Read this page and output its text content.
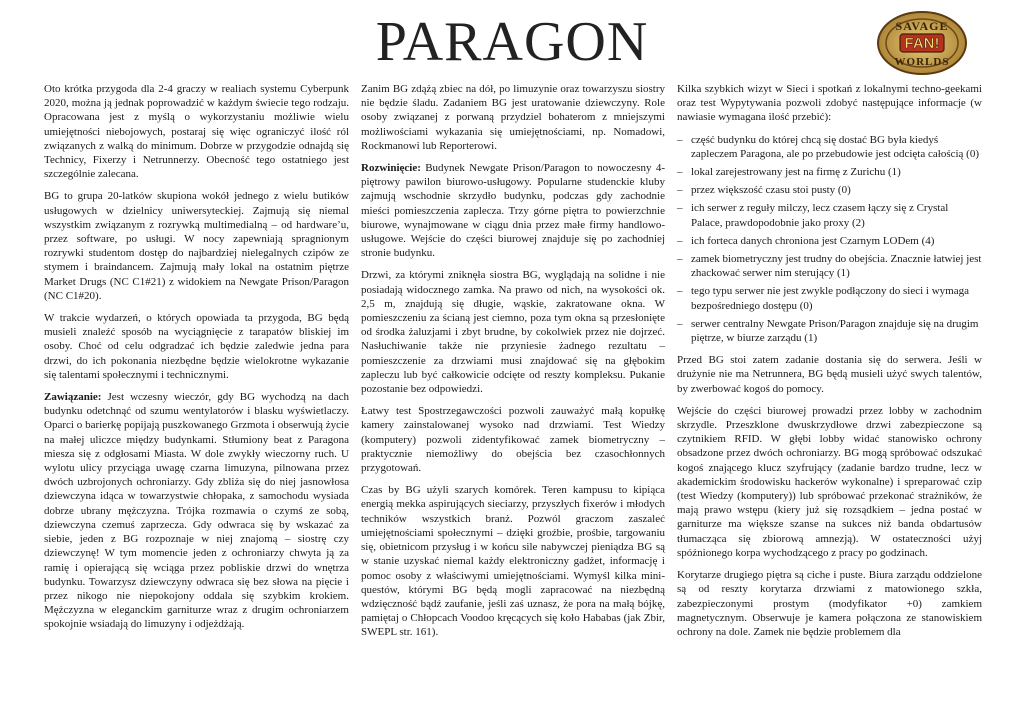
PARAGON	SAVAGE
FAN!
WORLDS

Oto krótka przygoda dla 2-4 graczy w realiach systemu Cyberpunk 2020, można ją jednak poprowadzić w każdym świecie tego rodzaju. Opracowana jest z myślą o wykorzystaniu możliwie wielu umiejętności niebojowych, postaraj się więc ograniczyć ilość ról związanych z walką do minimum. Dobrze w przygodzie odnajdą się Technicy, Fixerzy i Netrunnerzy. Obecność tego ostatniego jest szczególnie zalecana.

BG to grupa 20-latków skupiona wokół jednego z wielu butików usługowych w dzielnicy uniwersyteckiej. Zajmują się niemal wszystkim związanym z rozrywką multimedialną – od hardware’u, przez software, po usługi. W nocy zapewniają spragnionym rozrywki studentom dostęp do najbardziej nielegalnych czipów ze stymem i braindancem. Zajmują mały lokal na ostatnim piętrze Market Drugs (NC C1#21) z widokiem na Newgate Prison/Paragon (NC C1#20).

W trakcie wydarzeń, o których opowiada ta przygoda, BG będą musieli znaleźć sposób na wyciągnięcie z tarapatów bliskiej im osoby. Choć od celu odgradzać ich będzie zaledwie jedna para drzwi, do ich pokonania niezbędne będzie wielokrotne wykazanie się talentami społecznymi i technicznymi.

Zawiązanie: Jest wczesny wieczór, gdy BG wychodzą na dach budynku odetchnąć od szumu wentylatorów i blasku wyświetlaczy. Oparci o barierkę popijają puszkowanego Grzmota i obserwują życie na małej uliczce między budynkami. Stłumiony beat z Paragona miesza się z odgłosami Miasta. W dole zwykły wieczorny ruch. U wylotu ulicy przyciąga uwagę czarna limuzyna, pilnowana przez dwóch uzbrojonych ochroniarzy. Gdy zbliża się do niej jasnowłosa dziewczyna idąca w towarzystwie chłopaka, z samochodu wysiada dobrze ubrany mężczyzna. Trójka rozmawia o czymś ze sobą, dziewczyna czemuś zaprzecza. Gdy odwraca się by wskazać za siebie, jeden z BG rozpoznaje w niej znajomą – siostrę czy dziewczynę! W tym momencie jeden z ochroniarzy chwyta ją za ramię i opierającą się wciąga przez pobliskie drzwi do wnętrza budynku. Towarzysz dziewczyny odwraca się bez słowa na pięcie i przez nikogo nie niepokojony oddala się szybkim krokiem. Mężczyzna w eleganckim garniturze wraz z drugim ochroniarzem spokojnie wsiadają do limuzyny i odjeżdżają.

Zanim BG zdążą zbiec na dół, po limuzynie oraz towarzyszu siostry nie będzie śladu. Zadaniem BG jest uratowanie dziewczyny. Role osoby związanej z porwaną przydziel bohaterom z mniejszymi możliwościami wykazania się umiejętnościami, np. Nomadowi, Rockmanowi lub Reporterowi.

Rozwinięcie: Budynek Newgate Prison/Paragon to nowoczesny 4-piętrowy pawilon biurowo-usługowy. Popularne studenckie kluby zajmują wschodnie skrzydło budynku, podczas gdy zachodnie mieści pomieszczenia zaplecza. Trzy górne piętra to powierzchnie biurowe, wynajmowane w ciągu dnia przez małe firmy handlowo-usługowe. Wejście do części biurowej znajduje się po zachodniej stronie budynku.

Drzwi, za którymi zniknęła siostra BG, wyglądają na solidne i nie posiadają widocznego zamka. Na prawo od nich, na wysokości ok. 2,5 m, znajdują się długie, wąskie, zakratowane okna. W pomieszczeniu za ścianą jest ciemno, poza tym okna są przesłonięte od środka żaluzjami i zbyt brudne, by cokolwiek przez nie dojrzeć. Nasłuchiwanie także nie przyniesie żadnego rezultatu – pomieszczenie za drzwiami musi znajdować się na głębokim zapleczu lub być całkowicie odcięte od reszty kompleksu. Pukanie pozostanie bez odpowiedzi.

Łatwy test Spostrzegawczości pozwoli zauważyć małą kopułkę kamery zainstalowanej wysoko nad drzwiami. Test Wiedzy (komputery) pozwoli zidentyfikować zamek biometryczny – praktycznie niemożliwy do obejścia bez czasochłonnych przygotowań.

Czas by BG użyli szarych komórek. Teren kampusu to kipiąca energią mekka aspirujących sieciarzy, przyszłych fixerów i młodych techników wszystkich branż. Pozwól graczom zaszaleć umiejętnościami społecznymi – dzięki groźbie, prośbie, targowaniu się, obietnicom przysług i w końcu sile nabywczej pieniądza BG są w stanie uzyskać niemal każdy elektroniczny gadżet, informację i pomoc osoby z właściwymi umiejętnościami. Wymyśl kilka mini-questów, którymi BG będą mogli zapracować na niezbędną wdzięczność bądź zaufanie, jeśli zaś uznasz, że pora na małą bójkę, pamiętaj o Chłopcach Voodoo kręcących się koło Hababas (jak Zbir, SWEPL str. 161).

Kilka szybkich wizyt w Sieci i spotkań z lokalnymi techno-geekami oraz test Wypytywania pozwoli zdobyć następujące informacje (w nawiasie wymagana ilość przebić):

– część budynku do której chcą się dostać BG była kiedyś zapleczem Paragona, ale po przebudowie jest odcięta całością (0)
– lokal zarejestrowany jest na firmę z Zurichu (1)
– przez większość czasu stoi pusty (0)
– ich serwer z reguły milczy, lecz czasem łączy się z Crystal Palace, prawdopodobnie jako proxy (2)
– ich forteca danych chroniona jest Czarnym LODem (4)
– zamek biometryczny jest trudny do obejścia. Znacznie łatwiej jest zhackować serwer nim sterujący (1)
– tego typu serwer nie jest zwykle podłączony do sieci i wymaga bezpośredniego dostępu (0)
– serwer centralny Newgate Prison/Paragon znajduje się na drugim piętrze, w biurze zarządu (1)

Przed BG stoi zatem zadanie dostania się do serwera. Jeśli w drużynie nie ma Netrunnera, BG będą musieli użyć swych talentów, by zwerbować kogoś do pomocy.

Wejście do części biurowej prowadzi przez lobby w zachodnim skrzydle. Przeszklone dwuskrzydłowe drzwi zabezpieczone są czytnikiem RFID. W głębi lobby widać stanowisko ochrony obsadzone przez dwóch ochroniarzy. BG mogą spróbować odszukać kogoś znającego klucz szyfrujący (zadanie bardzo trudne, lecz w akademickim środowisku hackerów wykonalne) i spreparować czip (test Wiedzy (komputery)) lub spróbować przekonać strażników, że mają prawo wstępu (kiery już się rozsądkiem – jedna postać w garniturze ma większe szanse na sukces niż banda obdartusów tłumacząca się zbiorową amnezją). W ostateczności użyj spóźnionego korpa wychodzącego z pracy po godzinach.

Korytarze drugiego piętra są ciche i puste. Biura zarządu oddzielone są od reszty korytarza drzwiami z matowionego szkła, zabezpieczonymi prostym (modyfikator +0) zamkiem magnetycznym. Obserwuje je kamera połączona ze stanowiskiem ochrony na dole. Zamek nie będzie problemem dla
